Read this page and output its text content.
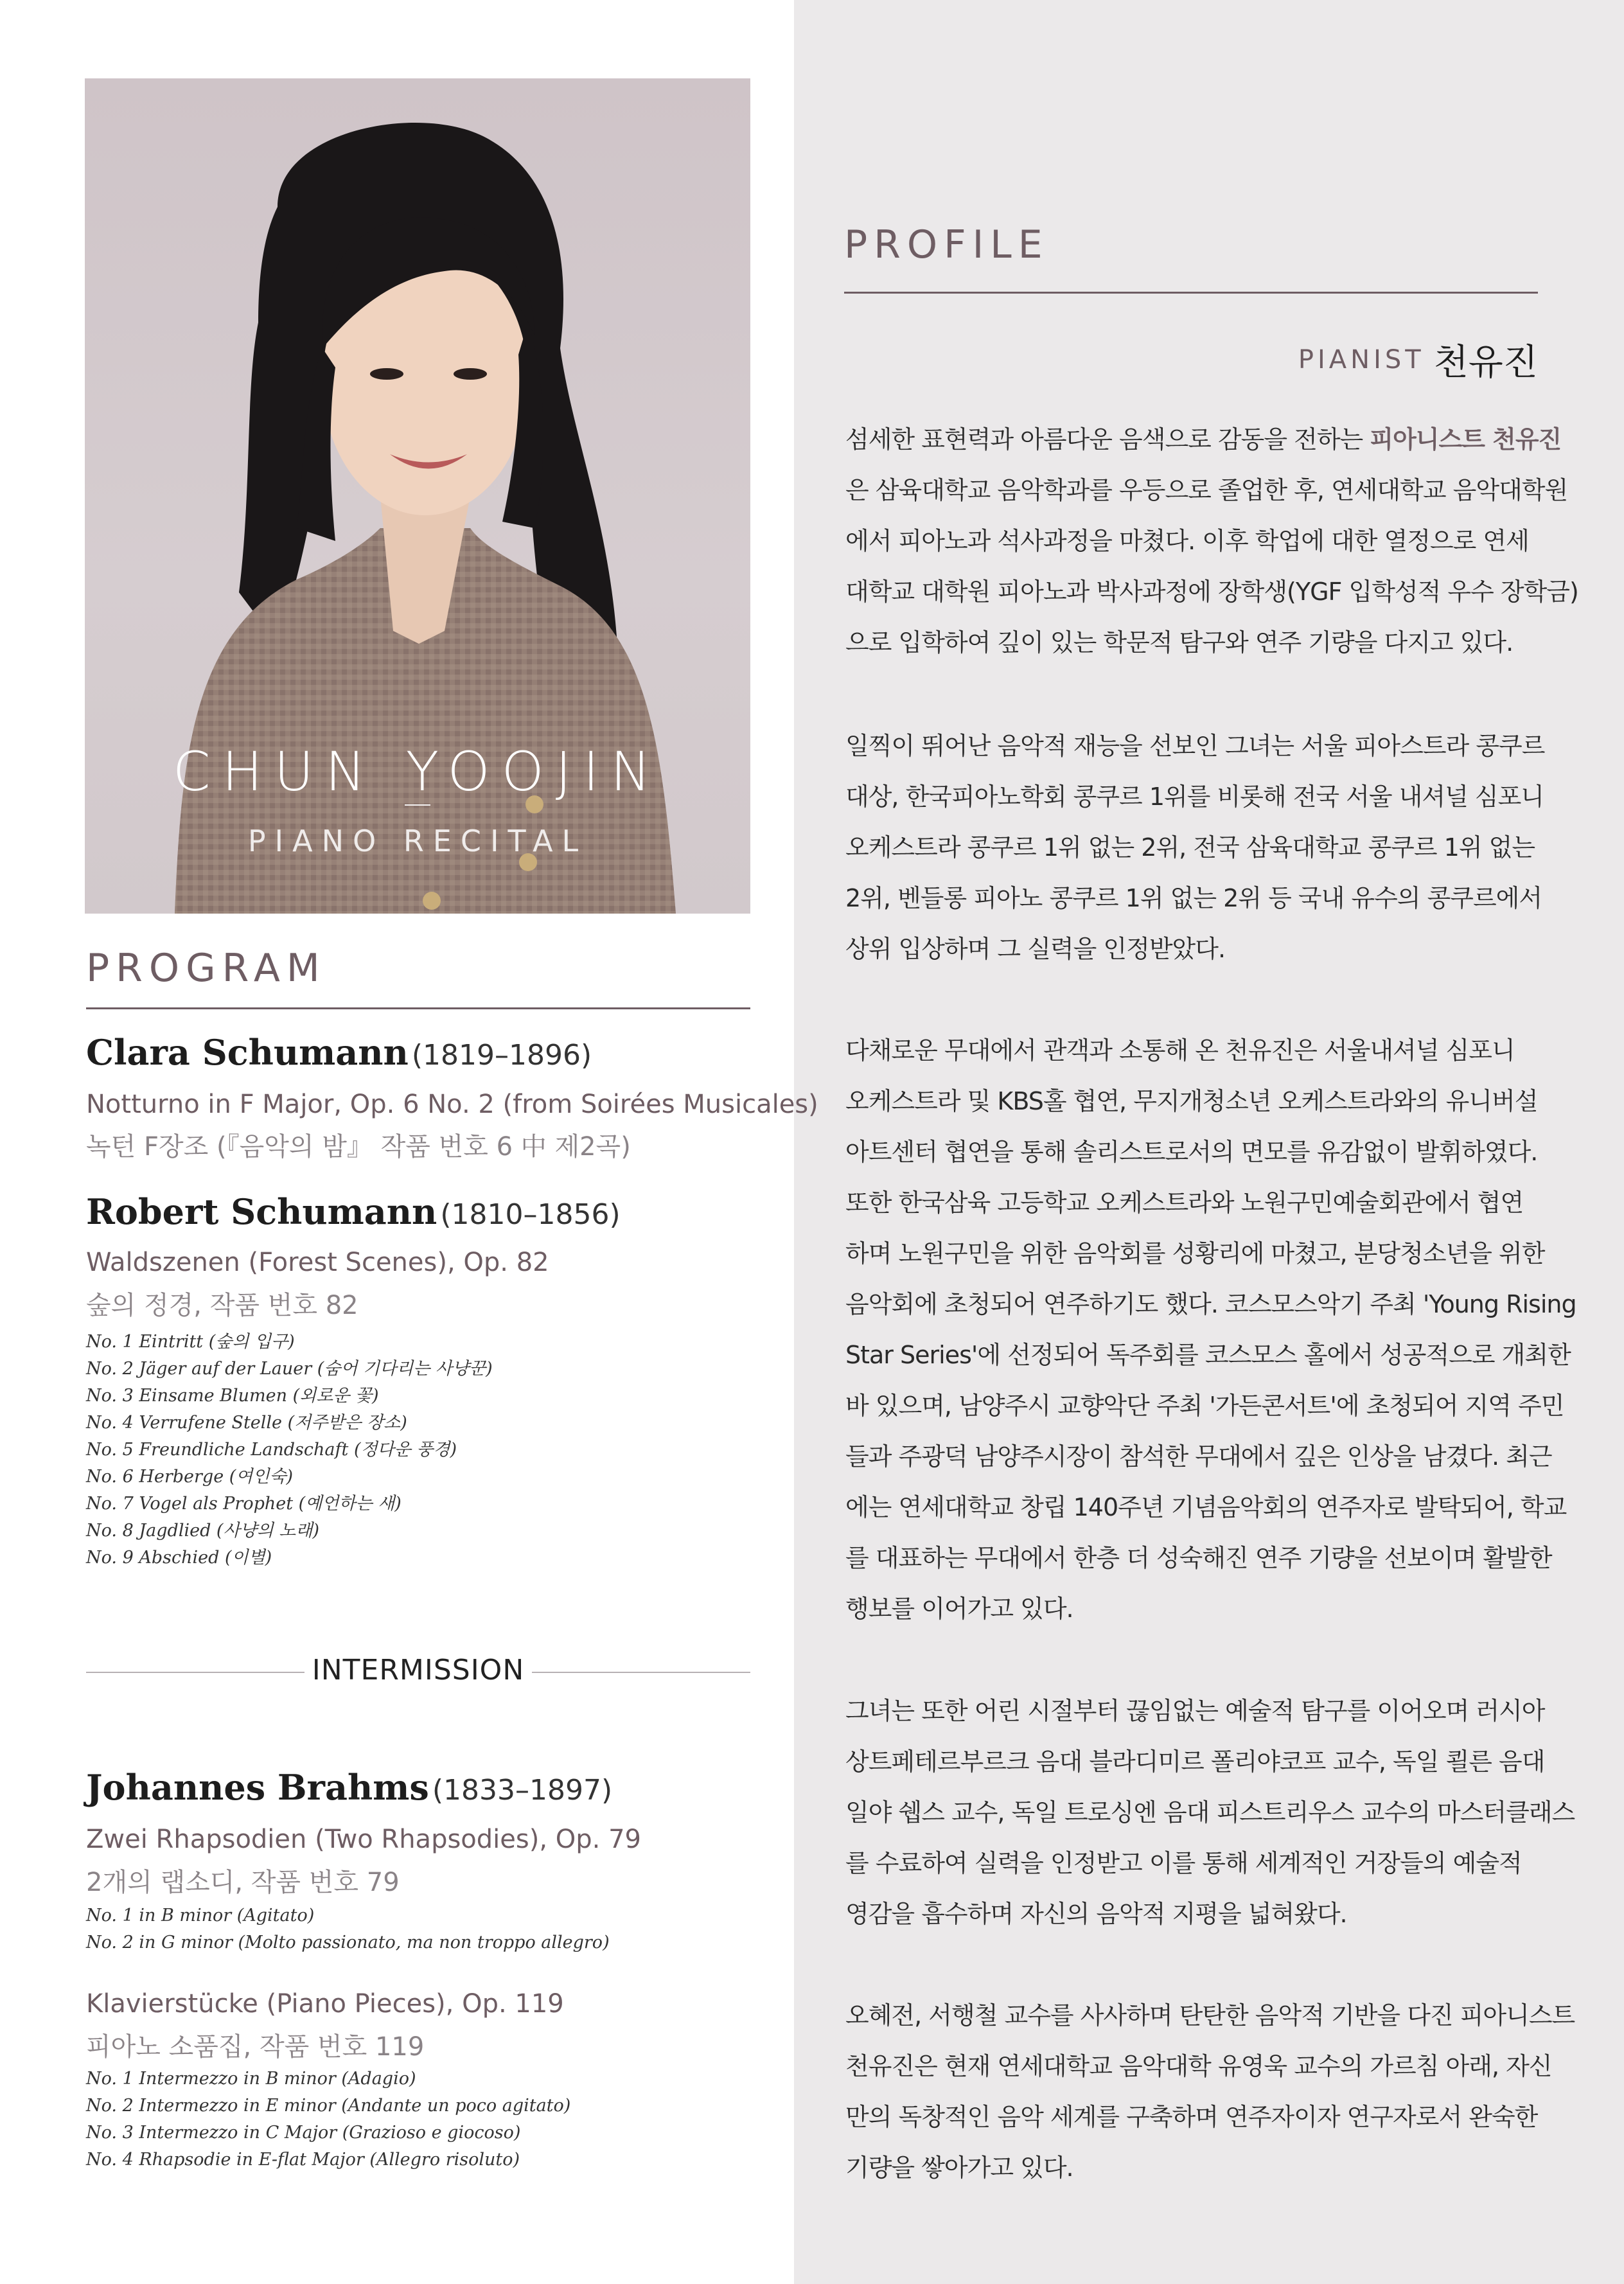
CHUN YOOJIN
PIANO RECITAL
PROGRAM
Clara Schumann (1819–1896)
Notturno in F Major, Op. 6 No. 2 (from Soirées Musicales)
녹턴 F장조 (『음악의 밤』 작품 번호 6 中 제2곡)
Robert Schumann (1810–1856)
Waldszenen (Forest Scenes), Op. 82
숲의 정경, 작품 번호 82
No. 1 Eintritt (숲의 입구)
No. 2 Jäger auf der Lauer (숨어 기다리는 사냥꾼)
No. 3 Einsame Blumen (외로운 꽃)
No. 4 Verrufene Stelle (저주받은 장소)
No. 5 Freundliche Landschaft (정다운 풍경)
No. 6 Herberge (여인숙)
No. 7 Vogel als Prophet (예언하는 새)
No. 8 Jagdlied (사냥의 노래)
No. 9 Abschied (이별)
INTERMISSION
Johannes Brahms (1833–1897)
Zwei Rhapsodien (Two Rhapsodies), Op. 79
2개의 랩소디, 작품 번호 79
No. 1 in B minor (Agitato)
No. 2 in G minor (Molto passionato, ma non troppo allegro)
Klavierstücke (Piano Pieces), Op. 119
피아노 소품집, 작품 번호 119
No. 1 Intermezzo in B minor (Adagio)
No. 2 Intermezzo in E minor (Andante un poco agitato)
No. 3 Intermezzo in C Major (Grazioso e giocoso)
No. 4 Rhapsodie in E-flat Major (Allegro risoluto)
PROFILE
PIANIST 천유진
섬세한 표현력과 아름다운 음색으로 감동을 전하는 피아니스트 천유진
은 삼육대학교 음악학과를 우등으로 졸업한 후, 연세대학교 음악대학원
에서 피아노과 석사과정을 마쳤다. 이후 학업에 대한 열정으로 연세
대학교 대학원 피아노과 박사과정에 장학생(YGF 입학성적 우수 장학금)
으로 입학하여 깊이 있는 학문적 탐구와 연주 기량을 다지고 있다.
일찍이 뛰어난 음악적 재능을 선보인 그녀는 서울 피아스트라 콩쿠르
대상, 한국피아노학회 콩쿠르 1위를 비롯해 전국 서울 내셔널 심포니
오케스트라 콩쿠르 1위 없는 2위, 전국 삼육대학교 콩쿠르 1위 없는
2위, 벤들롱 피아노 콩쿠르 1위 없는 2위 등 국내 유수의 콩쿠르에서
상위 입상하며 그 실력을 인정받았다.
다채로운 무대에서 관객과 소통해 온 천유진은 서울내셔널 심포니
오케스트라 및 KBS홀 협연, 무지개청소년 오케스트라와의 유니버설
아트센터 협연을 통해 솔리스트로서의 면모를 유감없이 발휘하였다.
또한 한국삼육 고등학교 오케스트라와 노원구민예술회관에서 협연
하며 노원구민을 위한 음악회를 성황리에 마쳤고, 분당청소년을 위한
음악회에 초청되어 연주하기도 했다. 코스모스악기 주최 'Young Rising
Star Series'에 선정되어 독주회를 코스모스 홀에서 성공적으로 개최한
바 있으며, 남양주시 교향악단 주최 '가든콘서트'에 초청되어 지역 주민
들과 주광덕 남양주시장이 참석한 무대에서 깊은 인상을 남겼다. 최근
에는 연세대학교 창립 140주년 기념음악회의 연주자로 발탁되어, 학교
를 대표하는 무대에서 한층 더 성숙해진 연주 기량을 선보이며 활발한
행보를 이어가고 있다.
그녀는 또한 어린 시절부터 끊임없는 예술적 탐구를 이어오며 러시아
상트페테르부르크 음대 블라디미르 폴리야코프 교수, 독일 쾰른 음대
일야 쉡스 교수, 독일 트로싱엔 음대 피스트리우스 교수의 마스터클래스
를 수료하여 실력을 인정받고 이를 통해 세계적인 거장들의 예술적
영감을 흡수하며 자신의 음악적 지평을 넓혀왔다.
오혜전, 서행철 교수를 사사하며 탄탄한 음악적 기반을 다진 피아니스트
천유진은 현재 연세대학교 음악대학 유영욱 교수의 가르침 아래, 자신
만의 독창적인 음악 세계를 구축하며 연주자이자 연구자로서 완숙한
기량을 쌓아가고 있다.
